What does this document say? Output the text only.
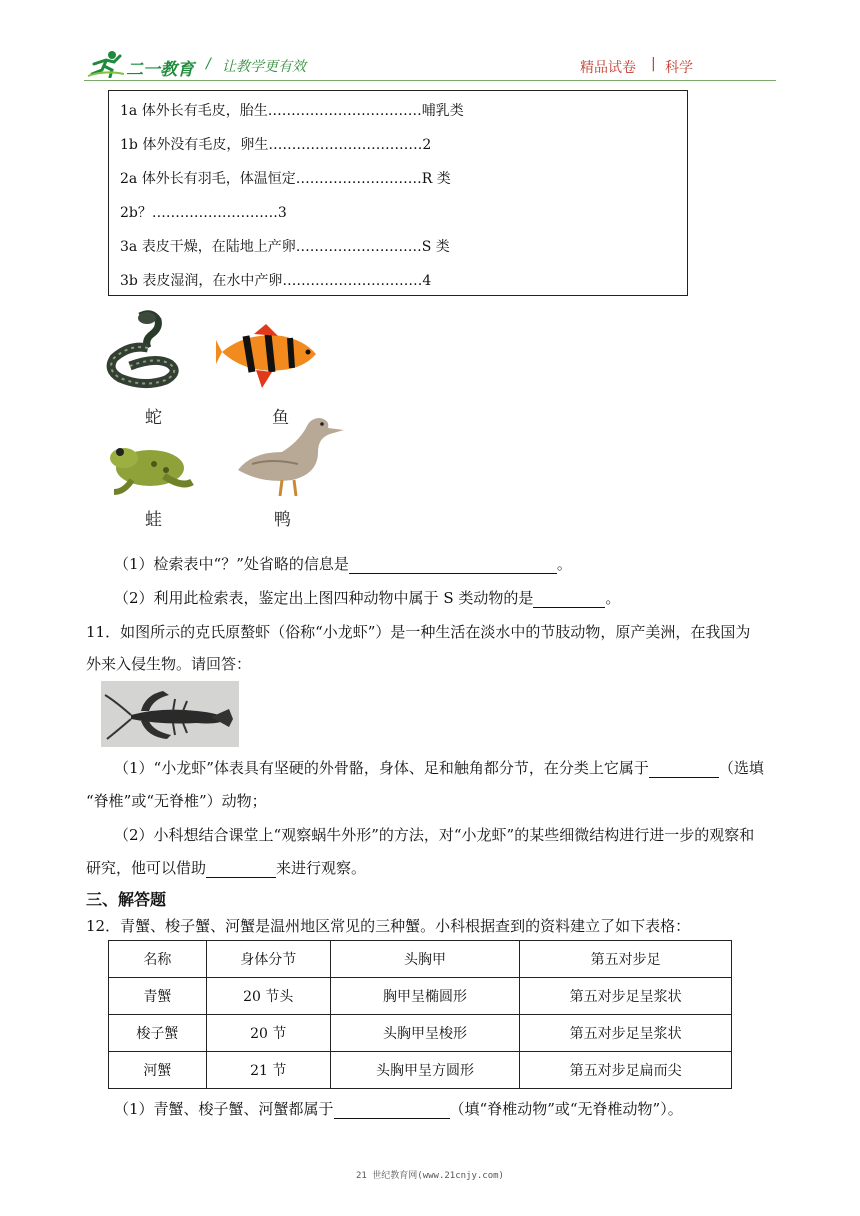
二一教育 / 让教学更有效	精品试卷 | 科学
1a 体外长有毛皮，胎生……………………………哺乳类
1b 体外没有毛皮，卵生……………………………2
2a 体外长有羽毛，体温恒定………………………R 类
2b？………………………3
3a 表皮干燥，在陆地上产卵………………………S 类
3b 表皮湿润，在水中产卵…………………………4
蛇	鱼
蛙	鸭
（1）检索表中“？”处省略的信息是	。
（2）利用此检索表，鉴定出上图四种动物中属于 S 类动物的是	。
11．如图所示的克氏原螯虾（俗称“小龙虾”）是一种生活在淡水中的节肢动物，原产美洲，在我国为
外来入侵生物。请回答：
（1）“小龙虾”体表具有坚硬的外骨骼，身体、足和触角都分节，在分类上它属于	（选填
“脊椎”或“无脊椎”）动物；
（2）小科想结合课堂上“观察蜗牛外形”的方法，对“小龙虾”的某些细微结构进行进一步的观察和
研究，他可以借助	来进行观察。
三、解答题
12．青蟹、梭子蟹、河蟹是温州地区常见的三种蟹。小科根据查到的资料建立了如下表格：
名称	身体分节	头胸甲	第五对步足
青蟹	20 节头	胸甲呈椭圆形	第五对步足呈浆状
梭子蟹	20 节	头胸甲呈梭形	第五对步足呈浆状
河蟹	21 节	头胸甲呈方圆形	第五对步足扁而尖
（1）青蟹、梭子蟹、河蟹都属于	（填“脊椎动物”或“无脊椎动物”）。
21 世纪教育网(www.21cnjy.com)
